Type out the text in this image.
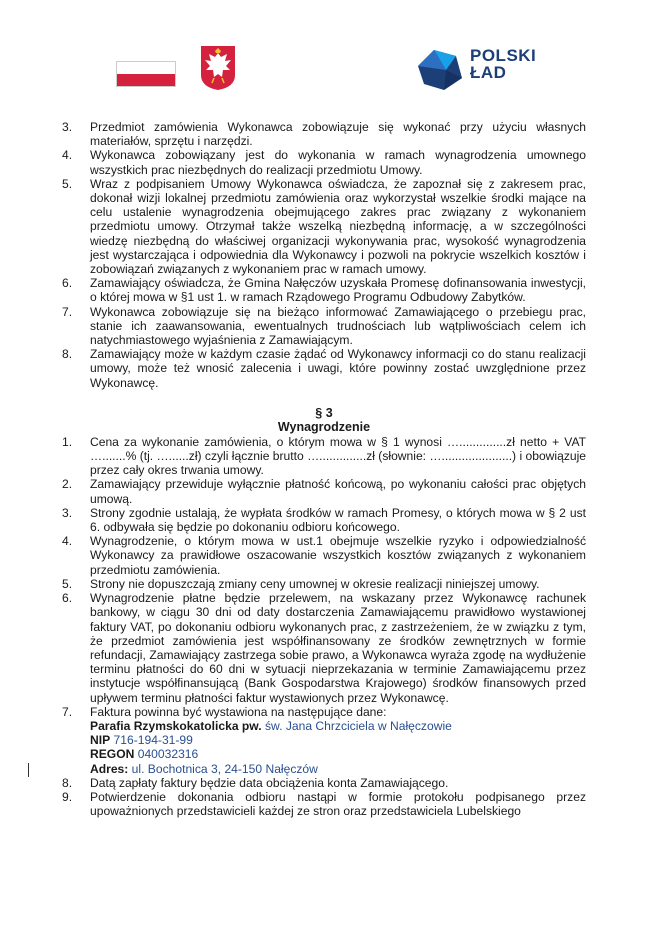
POLSKI
ŁAD
3. Przedmiot zamówienia Wykonawca zobowiązuje się wykonać przy użyciu własnych materiałów, sprzętu i narzędzi.
4. Wykonawca zobowiązany jest do wykonania w ramach wynagrodzenia umownego wszystkich prac niezbędnych do realizacji przedmiotu Umowy.
5. Wraz z podpisaniem Umowy Wykonawca oświadcza, że zapoznał się z zakresem prac, dokonał wizji lokalnej przedmiotu zamówienia oraz wykorzystał wszelkie środki mające na celu ustalenie wynagrodzenia obejmującego zakres prac związany z wykonaniem przedmiotu umowy. Otrzymał także wszelką niezbędną informację, a w szczególności wiedzę niezbędną do właściwej organizacji wykonywania prac, wysokość wynagrodzenia jest wystarczająca i odpowiednia dla Wykonawcy i pozwoli na pokrycie wszelkich kosztów i zobowiązań związanych z wykonaniem prac w ramach umowy.
6. Zamawiający oświadcza, że Gmina Nałęczów uzyskała Promesę dofinansowania inwestycji, o której mowa w §1 ust 1. w ramach Rządowego Programu Odbudowy Zabytków.
7. Wykonawca zobowiązuje się na bieżąco informować Zamawiającego o przebiegu prac, stanie ich zaawansowania, ewentualnych trudnościach lub wątpliwościach celem ich natychmiastowego wyjaśnienia z Zamawiającym.
8. Zamawiający może w każdym czasie żądać od Wykonawcy informacji co do stanu realizacji umowy, może też wnosić zalecenia i uwagi, które powinny zostać uwzględnione przez Wykonawcę.
§ 3
Wynagrodzenie
1. Cena za wykonanie zamówienia, o którym mowa w § 1 wynosi …..............zł netto + VAT ….......% (tj. …......zł) czyli łącznie brutto …..............zł (słownie: ….....................) i obowiązuje przez cały okres trwania umowy.
2. Zamawiający przewiduje wyłącznie płatność końcową, po wykonaniu całości prac objętych umową.
3. Strony zgodnie ustalają, że wypłata środków w ramach Promesy, o których mowa w § 2 ust 6. odbywała się będzie po dokonaniu odbioru końcowego.
4. Wynagrodzenie, o którym mowa w ust.1 obejmuje wszelkie ryzyko i odpowiedzialność Wykonawcy za prawidłowe oszacowanie wszystkich kosztów związanych z wykonaniem przedmiotu zamówienia.
5. Strony nie dopuszczają zmiany ceny umownej w okresie realizacji niniejszej umowy.
6. Wynagrodzenie płatne będzie przelewem, na wskazany przez Wykonawcę rachunek bankowy, w ciągu 30 dni od daty dostarczenia Zamawiającemu prawidłowo wystawionej faktury VAT, po dokonaniu odbioru wykonanych prac, z zastrzeżeniem, że w związku z tym, że przedmiot zamówienia jest współfinansowany ze środków zewnętrznych w formie refundacji, Zamawiający zastrzega sobie prawo, a Wykonawca wyraża zgodę na wydłużenie terminu płatności do 60 dni w sytuacji nieprzekazania w terminie Zamawiającemu przez instytucje współfinansującą (Bank Gospodarstwa Krajowego) środków finansowych przed upływem terminu płatności faktur wystawionych przez Wykonawcę.
7. Faktura powinna być wystawiona na następujące dane:
Parafia Rzymskokatolicka pw. św. Jana Chrzciciela w Nałęczowie
NIP 716-194-31-99
REGON 040032316
Adres: ul. Bochotnica 3, 24-150 Nałęczów
8. Datą zapłaty faktury będzie data obciążenia konta Zamawiającego.
9. Potwierdzenie dokonania odbioru nastąpi w formie protokołu podpisanego przez upoważnionych przedstawicieli każdej ze stron oraz przedstawiciela Lubelskiego
